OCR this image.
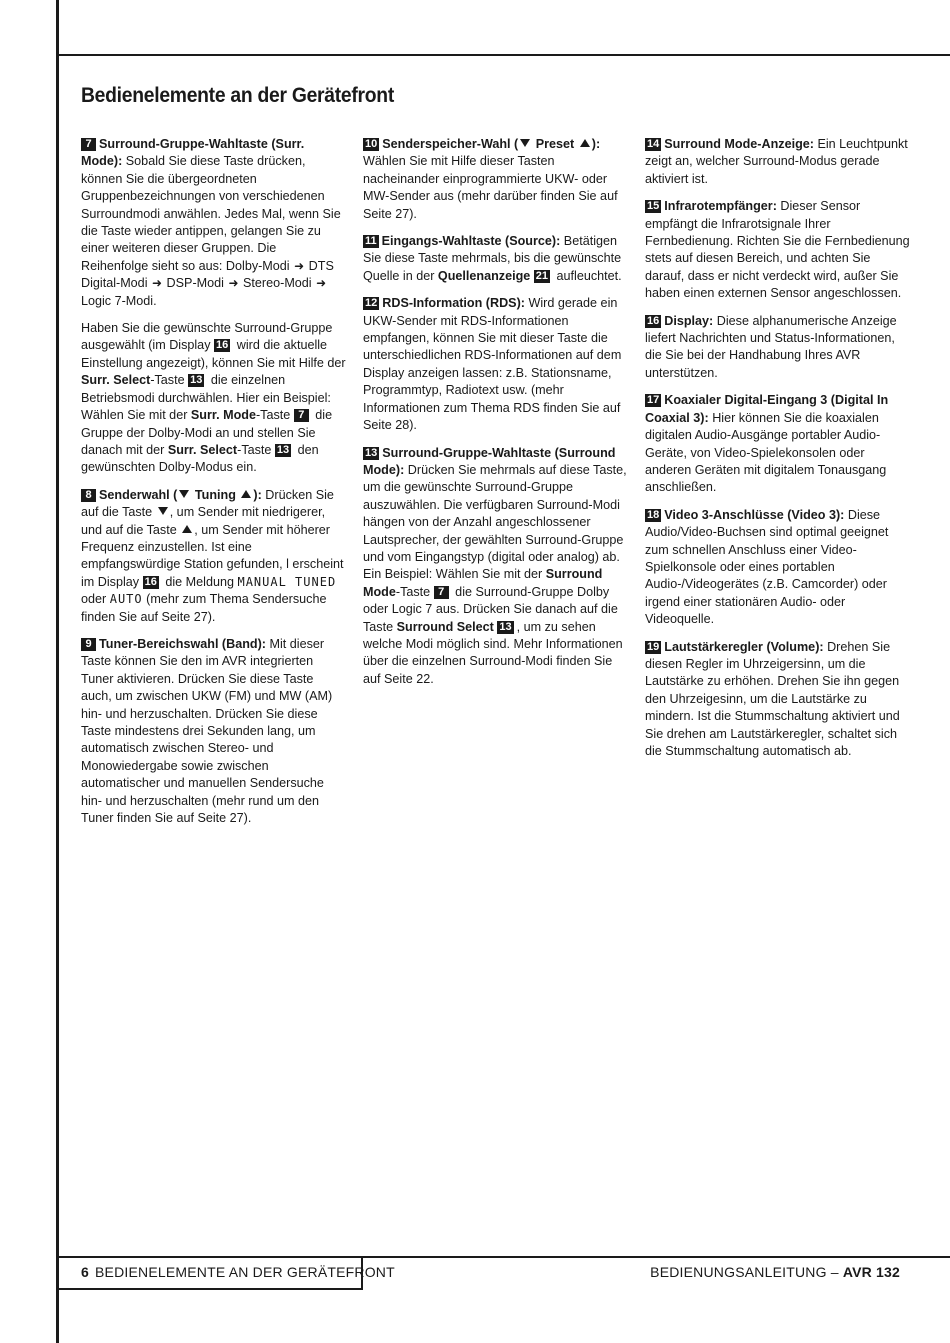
Bedienelemente an der Gerätefront

7 Surround-Gruppe-Wahltaste (Surr. Mode): Sobald Sie diese Taste drücken, können Sie die übergeordneten Gruppenbezeichnungen von verschiedenen Surroundmodi anwählen. Jedes Mal, wenn Sie die Taste wieder antippen, gelangen Sie zu einer weiteren dieser Gruppen. Die Reihenfolge sieht so aus: Dolby-Modi ➜ DTS Digital-Modi ➜ DSP-Modi ➜ Stereo-Modi ➜ Logic 7-Modi.

Haben Sie die gewünschte Surround-Gruppe ausgewählt (im Display 16 wird die aktuelle Einstellung angezeigt), können Sie mit Hilfe der Surr. Select-Taste 13 die einzelnen Betriebsmodi durchwählen. Hier ein Beispiel: Wählen Sie mit der Surr. Mode-Taste 7 die Gruppe der Dolby-Modi an und stellen Sie danach mit der Surr. Select-Taste 13 den gewünschten Dolby-Modus ein.

8 Senderwahl ( Tuning ): Drücken Sie auf die Taste , um Sender mit niedrigerer, und auf die Taste , um Sender mit höherer Frequenz einzustellen. Ist eine empfangswürdige Station gefunden, l erscheint im Display 16 die Meldung MANUAL TUNED oder AUTO (mehr zum Thema Sendersuche finden Sie auf Seite 27).

9 Tuner-Bereichswahl (Band): Mit dieser Taste können Sie den im AVR integrierten Tuner aktivieren. Drücken Sie diese Taste auch, um zwischen UKW (FM) und MW (AM) hin- und herzuschalten. Drücken Sie diese Taste mindestens drei Sekunden lang, um automatisch zwischen Stereo- und Monowiedergabe sowie zwischen automatischer und manuellen Sendersuche hin- und herzuschalten (mehr rund um den Tuner finden Sie auf Seite 27).

10 Senderspeicher-Wahl ( Preset ): Wählen Sie mit Hilfe dieser Tasten nacheinander einprogrammierte UKW- oder MW-Sender aus (mehr darüber finden Sie auf Seite 27).

11 Eingangs-Wahltaste (Source): Betätigen Sie diese Taste mehrmals, bis die gewünschte Quelle in der Quellenanzeige 21 aufleuchtet.

12 RDS-Information (RDS): Wird gerade ein UKW-Sender mit RDS-Informationen empfangen, können Sie mit dieser Taste die unterschiedlichen RDS-Informationen auf dem Display anzeigen lassen: z.B. Stationsname, Programmtyp, Radiotext usw. (mehr Informationen zum Thema RDS finden Sie auf Seite 28).

13 Surround-Gruppe-Wahltaste (Surround Mode): Drücken Sie mehrmals auf diese Taste, um die gewünschte Surround-Gruppe auszuwählen. Die verfügbaren Surround-Modi hängen von der Anzahl angeschlossener Lautsprecher, der gewählten Surround-Gruppe und vom Eingangstyp (digital oder analog) ab. Ein Beispiel: Wählen Sie mit der Surround Mode-Taste 7 die Surround-Gruppe Dolby oder Logic 7 aus. Drücken Sie danach auf die Taste Surround Select 13 , um zu sehen welche Modi möglich sind. Mehr Informationen über die einzelnen Surround-Modi finden Sie auf Seite 22.

14 Surround Mode-Anzeige: Ein Leuchtpunkt zeigt an, welcher Surround-Modus gerade aktiviert ist.

15 Infrarotempfänger: Dieser Sensor empfängt die Infrarotsignale Ihrer Fernbedienung. Richten Sie die Fernbedienung stets auf diesen Bereich, und achten Sie darauf, dass er nicht verdeckt wird, außer Sie haben einen externen Sensor angeschlossen.

16 Display: Diese alphanumerische Anzeige liefert Nachrichten und Status-Informationen, die Sie bei der Handhabung Ihres AVR unterstützen.

17 Koaxialer Digital-Eingang 3 (Digital In Coaxial 3): Hier können Sie die koaxialen digitalen Audio-Ausgänge portabler Audio-Geräte, von Video-Spielekonsolen oder anderen Geräten mit digitalem Tonausgang anschließen.

18 Video 3-Anschlüsse (Video 3): Diese Audio/Video-Buchsen sind optimal geeignet zum schnellen Anschluss einer Video-Spielkonsole oder eines portablen Audio-/Videogerätes (z.B. Camcorder) oder irgend einer stationären Audio- oder Videoquelle.

19 Lautstärkeregler (Volume): Drehen Sie diesen Regler im Uhrzeigersinn, um die Lautstärke zu erhöhen. Drehen Sie ihn gegen den Uhrzeigesinn, um die Lautstärke zu mindern. Ist die Stummschaltung aktiviert und Sie drehen am Lautstärkeregler, schaltet sich die Stummschaltung automatisch ab.

6 BEDIENELEMENTE AN DER GERÄTEFRONT	BEDIENUNGSANLEITUNG – AVR 132
